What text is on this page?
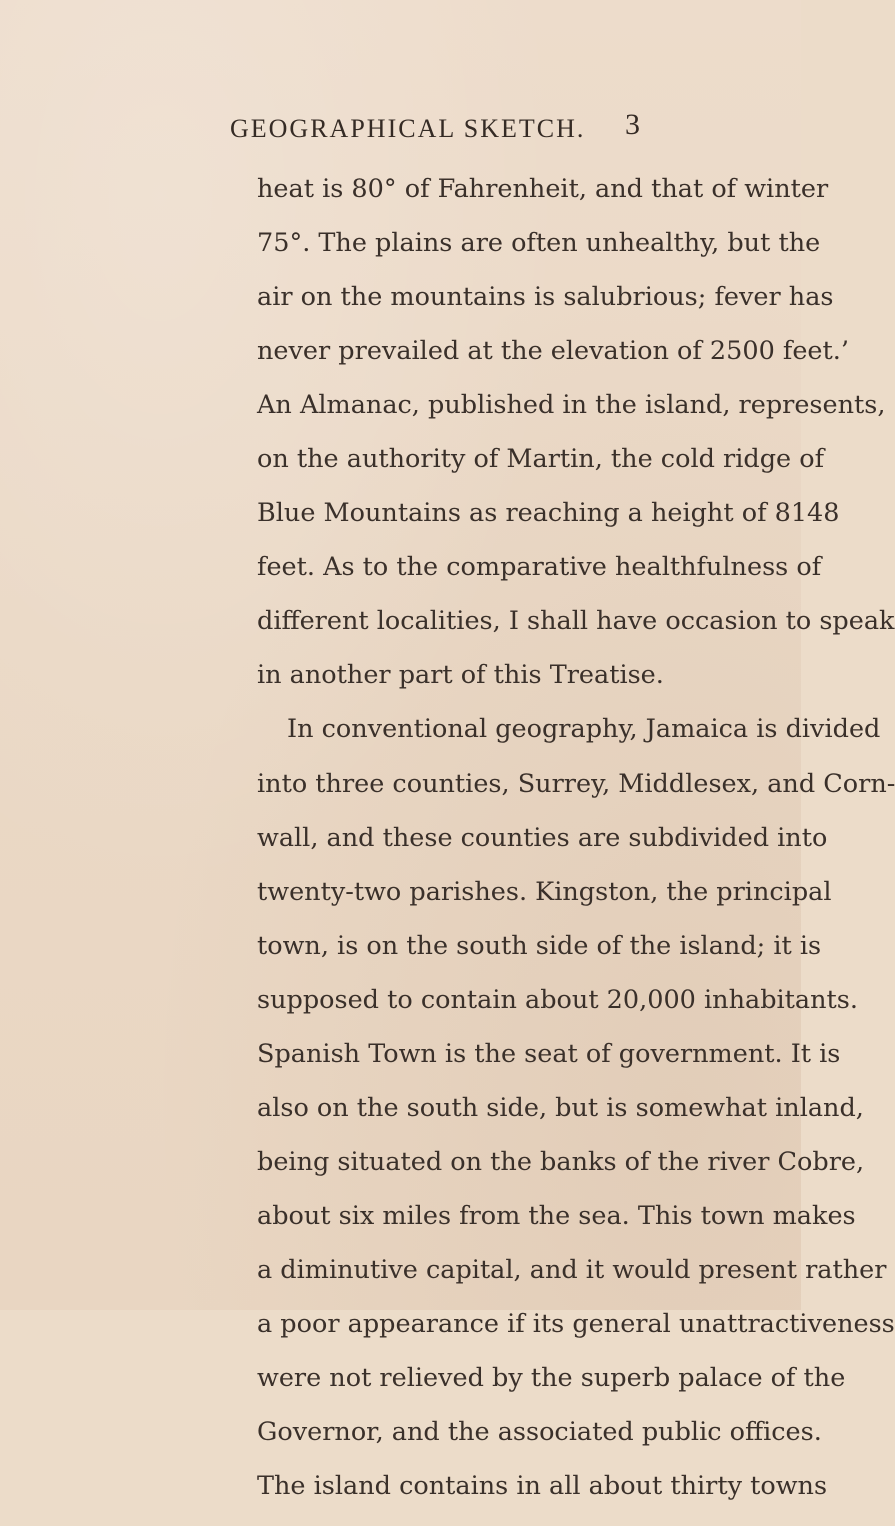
GEOGRAPHICAL SKETCH. 3
heat is 80° of Fahrenheit, and that of winter
75°. The plains are often unhealthy, but the
air on the mountains is salubrious; fever has
never prevailed at the elevation of 2500 feet.’
An Almanac, published in the island, represents,
on the authority of Martin, the cold ridge of
Blue Mountains as reaching a height of 8148
feet. As to the comparative healthfulness of
different localities, I shall have occasion to speak
in another part of this Treatise.
In conventional geography, Jamaica is divided
into three counties, Surrey, Middlesex, and Corn-
wall, and these counties are subdivided into
twenty-two parishes. Kingston, the principal
town, is on the south side of the island; it is
supposed to contain about 20,000 inhabitants.
Spanish Town is the seat of government. It is
also on the south side, but is somewhat inland,
being situated on the banks of the river Cobre,
about six miles from the sea. This town makes
a diminutive capital, and it would present rather
a poor appearance if its general unattractiveness
were not relieved by the superb palace of the
Governor, and the associated public offices.
The island contains in all about thirty towns
